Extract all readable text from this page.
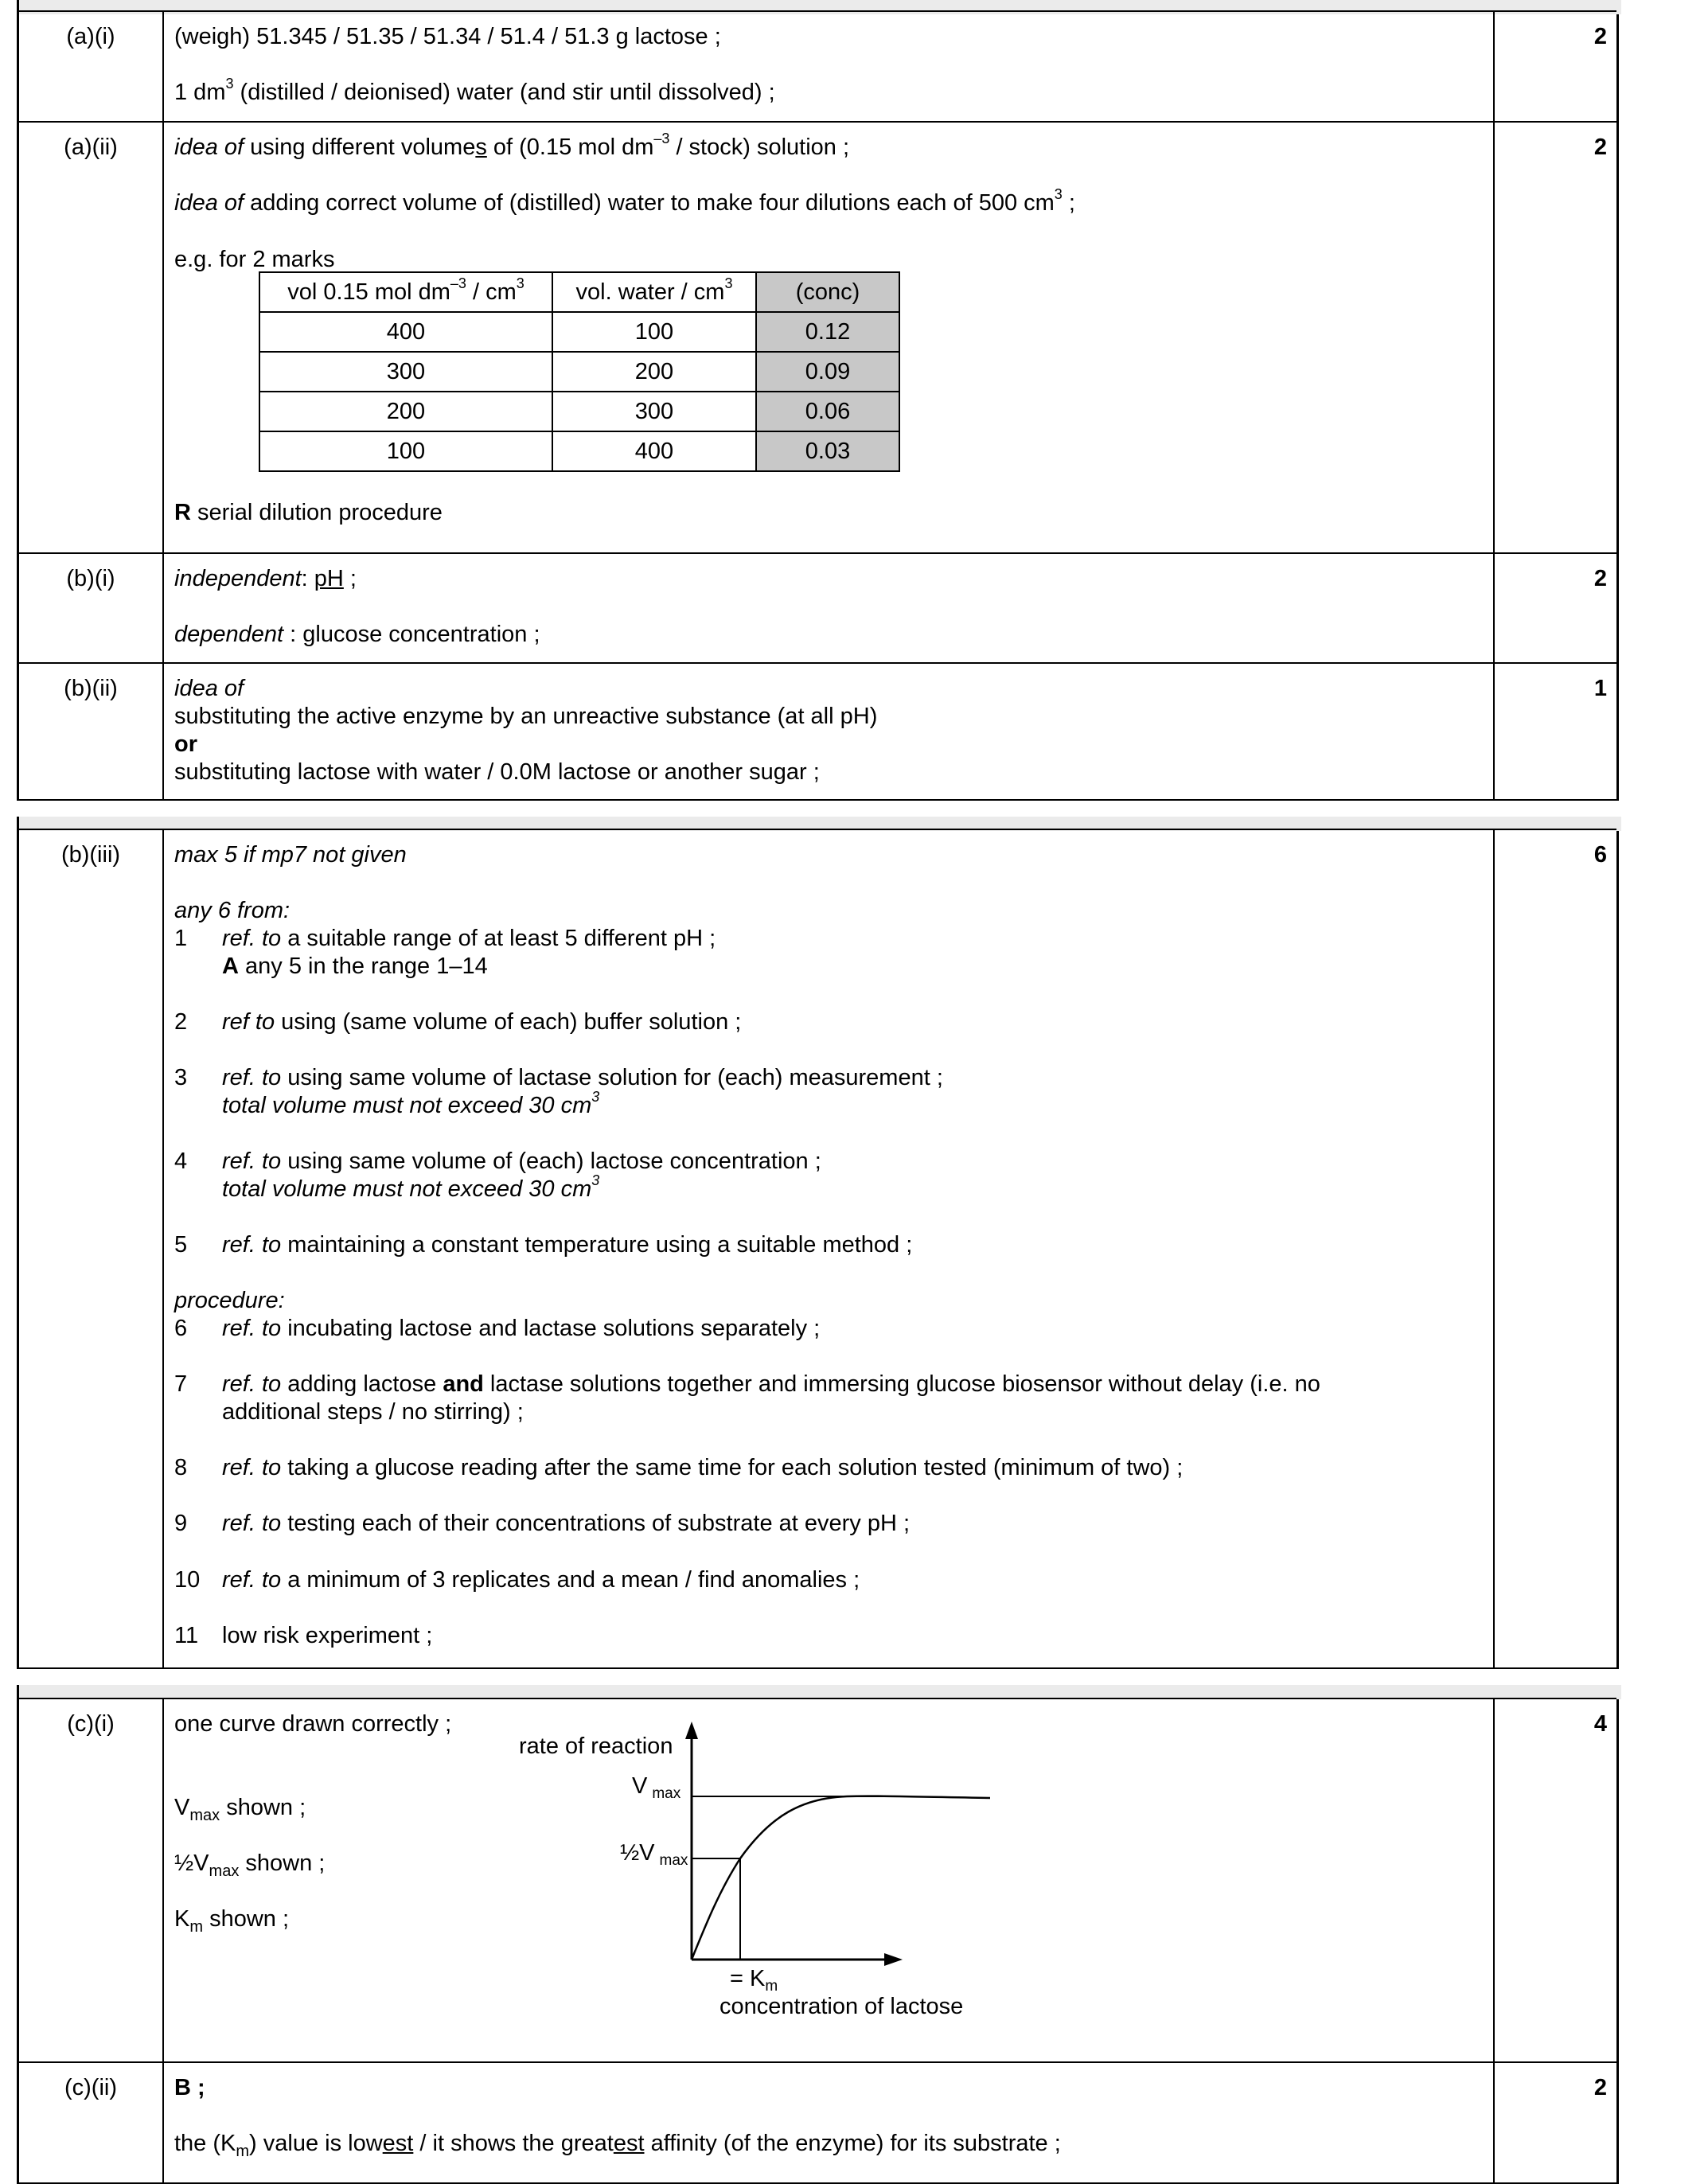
(a)(i)	2
(weigh) 51.345 / 51.35 / 51.34 / 51.4 / 51.3 g lactose ;
1 $dm^3$ (distilled / deionised) water (and stir until dissolved) ;
(a)(ii)	2
idea of using different volumes of (0.15 mol $dm^{-3}$ / stock) solution ;
idea of adding correct volume of (distilled) water to make four dilutions each of 500 $cm^3$ ;
e.g. for 2 marks
vol 0.15 mol $dm^{-3} / cm^3$	vol. water / $cm^3$	(conc)
400	100	0.12
300	200	0.09
200	300	0.06
100	400	0.03
R serial dilution procedure
(b)(i)	2
independent: pH ;
dependent : glucose concentration ;
(b)(ii)	1
idea of
substituting the active enzyme by an unreactive substance (at all pH)
or
substituting lactose with water / 0.0M lactose or another sugar ;
(b)(iii)	6
max 5 if mp7 not given
any 6 from:
1 ref. to a suitable range of at least 5 different pH ;
A any 5 in the range 1–14
2 ref to using (same volume of each) buffer solution ;
3 ref. to using same volume of lactase solution for (each) measurement ;
total volume must not exceed 30 $cm^3$
4 ref. to using same volume of (each) lactose concentration ;
total volume must not exceed 30 $cm^3$
5 ref. to maintaining a constant temperature using a suitable method ;
procedure:
6 ref. to incubating lactose and lactase solutions separately ;
7 ref. to adding lactose and lactase solutions together and immersing glucose biosensor without delay (i.e. no
additional steps / no stirring) ;
8 ref. to taking a glucose reading after the same time for each solution tested (minimum of two) ;
9 ref. to testing each of their concentrations of substrate at every pH ;
10 ref. to a minimum of 3 replicates and a mean / find anomalies ;
11 low risk experiment ;
(c)(i)	4
one curve drawn correctly ;
$V_{max}$ shown ;
$\frac{1}{2}V_{max}$ shown ;
$K_m$ shown ;
rate of reaction
V $_{max}$
½V $_{max}$
= $K_m$
concentration of lactose
(c)(ii)	2
B ;
the $(K_m)$ value is lowest / it shows the greatest affinity (of the enzyme) for its substrate ;
